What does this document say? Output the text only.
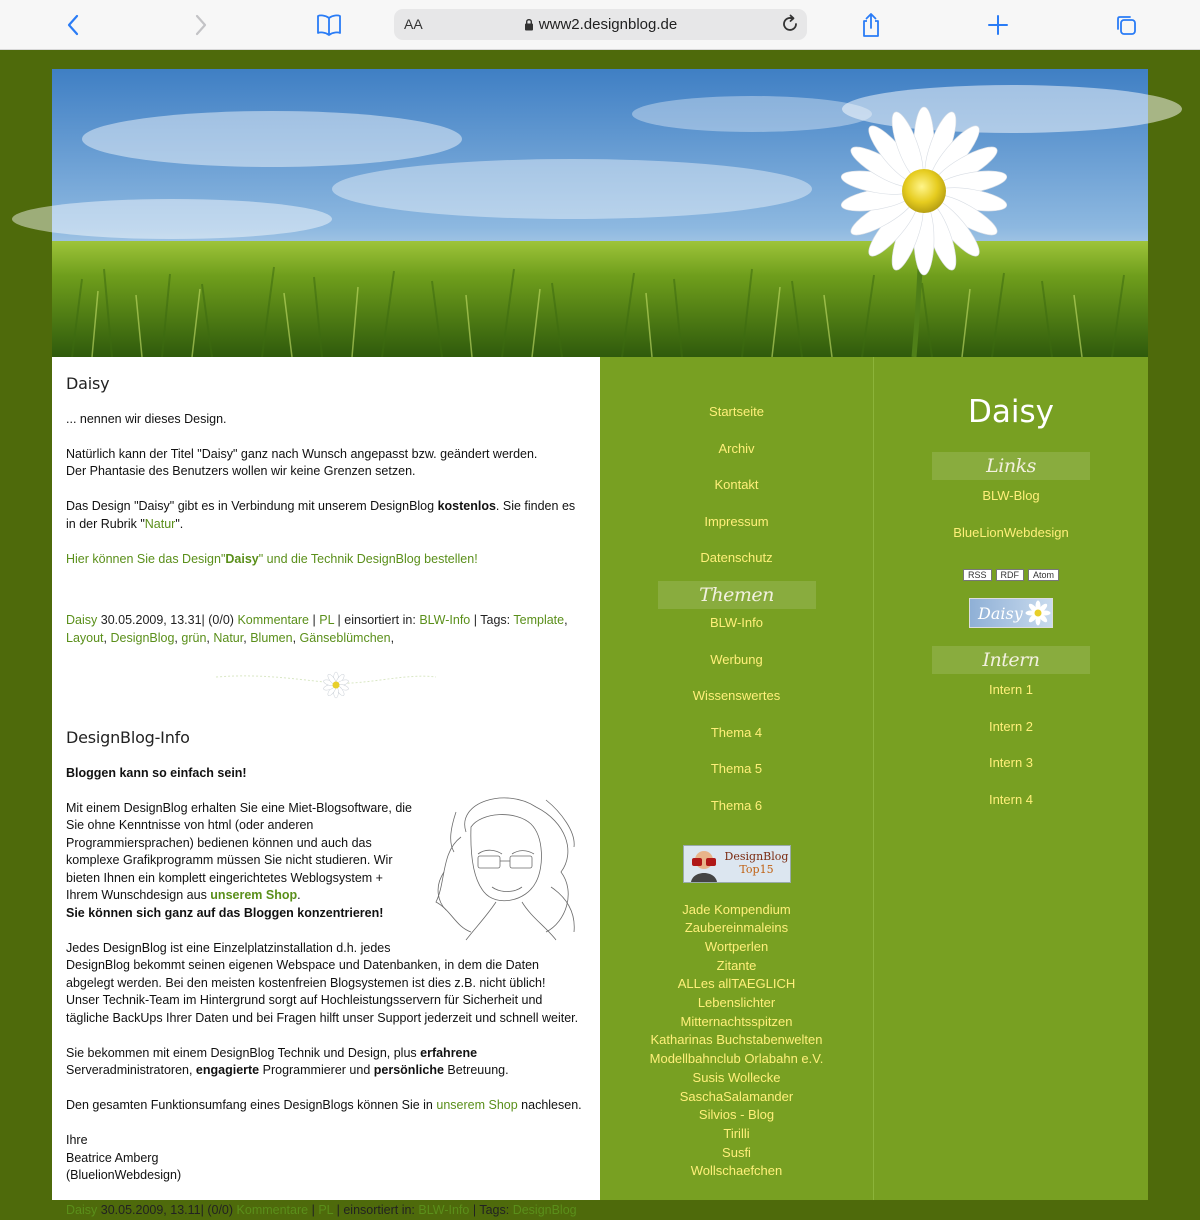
AA	www2.designblog.de
Daisy

... nennen wir dieses Design.

Natürlich kann der Titel "Daisy" ganz nach Wunsch angepasst bzw. geändert werden.
Der Phantasie des Benutzers wollen wir keine Grenzen setzen.

Das Design "Daisy" gibt es in Verbindung mit unserem DesignBlog kostenlos. Sie finden es in der Rubrik "Natur".

Hier können Sie das Design"Daisy" und die Technik DesignBlog bestellen!

Daisy 30.05.2009, 13.31| (0/0) Kommentare | PL | einsortiert in: BLW-Info | Tags: Template, Layout, DesignBlog, grün, Natur, Blumen, Gänseblümchen,
DesignBlog-Info

Bloggen kann so einfach sein!

Mit einem DesignBlog erhalten Sie eine Miet-Blogsoftware, die Sie ohne Kenntnisse von html (oder anderen Programmiersprachen) bedienen können und auch das komplexe Grafikprogramm müssen Sie nicht studieren. Wir bieten Ihnen ein komplett eingerichtetes Weblogsystem + Ihrem Wunschdesign aus unserem Shop.
Sie können sich ganz auf das Bloggen konzentrieren!

Jedes DesignBlog ist eine Einzelplatzinstallation d.h. jedes DesignBlog bekommt seinen eigenen Webspace und Datenbanken, in dem die Daten abgelegt werden. Bei den meisten kostenfreien Blogsystemen ist dies z.B. nicht üblich!
Unser Technik-Team im Hintergrund sorgt auf Hochleistungsservern für Sicherheit und tägliche BackUps Ihrer Daten und bei Fragen hilft unser Support jederzeit und schnell weiter.

Sie bekommen mit einem DesignBlog Technik und Design, plus erfahrene Serveradministratoren, engagierte Programmierer und persönliche Betreuung.

Den gesamten Funktionsumfang eines DesignBlogs können Sie in unserem Shop nachlesen.

Ihre
Beatrice Amberg
(BluelionWebdesign)

Daisy 30.05.2009, 13.11| (0/0) Kommentare | PL | einsortiert in: BLW-Info | Tags: DesignBlog
Startseite
Archiv
Kontakt
Impressum
Datenschutz
Themen
BLW-Info
Werbung
Wissenswertes
Thema 4
Thema 5
Thema 6
DesignBlog
Top15
Jade Kompendium
Zaubereinmaleins
Wortperlen
Zitante
ALLes allTAEGLICH
Lebenslichter
Mitternachtsspitzen
Katharinas Buchstabenwelten
Modellbahnclub Orlabahn e.V.
Susis Wollecke
SaschaSalamander
Silvios - Blog
Tirilli
Susfi
Wollschaefchen
Daisy
Links
BLW-Blog
BlueLionWebdesign
RSS RDF Atom
Daisy
Intern
Intern 1
Intern 2
Intern 3
Intern 4
